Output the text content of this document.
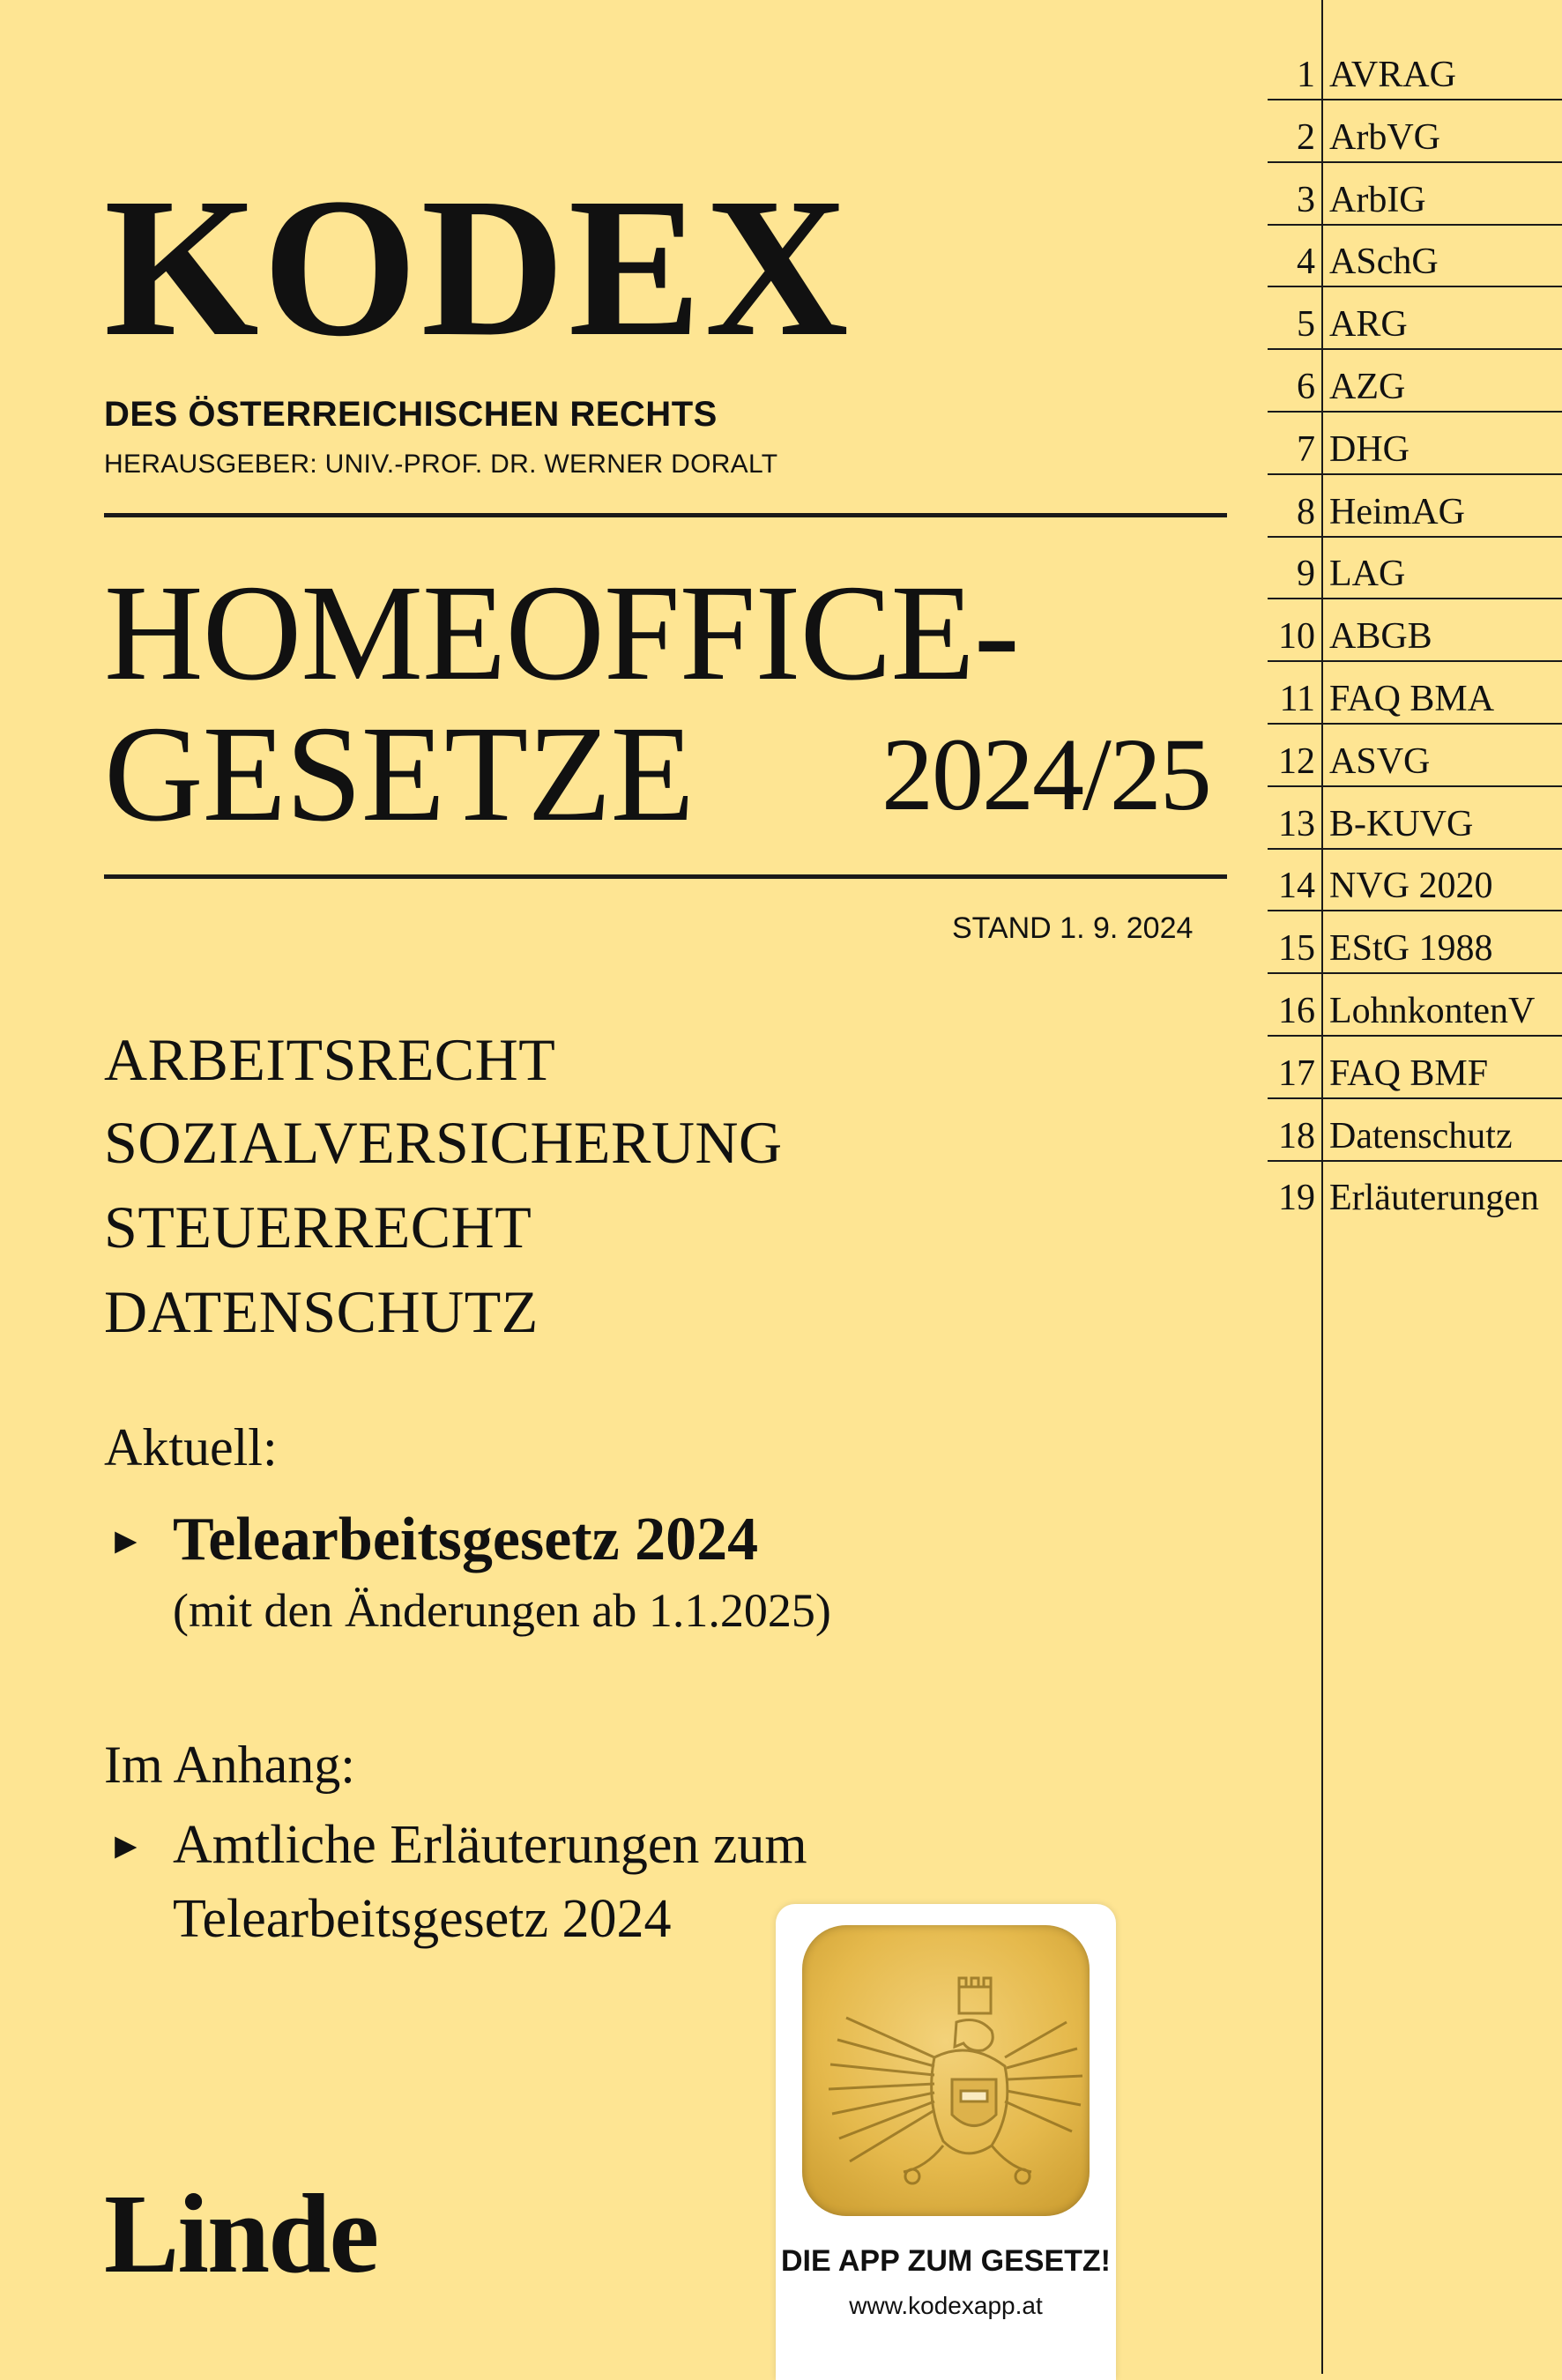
KODEX
DES ÖSTERREICHISCHEN RECHTS
HERAUSGEBER: UNIV.-PROF. DR. WERNER DORALT
HOMEOFFICE-
GESETZE 2024/25
STAND 1. 9. 2024
ARBEITSRECHT
SOZIALVERSICHERUNG
STEUERRECHT
DATENSCHUTZ
Aktuell:
► Telearbeitsgesetz 2024
(mit den Änderungen ab 1.1.2025)
Im Anhang:
► Amtliche Erläuterungen zum
Telearbeitsgesetz 2024
Linde
1 AVRAG
2 ArbVG
3 ArbIG
4 ASchG
5 ARG
6 AZG
7 DHG
8 HeimAG
9 LAG
10 ABGB
11 FAQ BMA
12 ASVG
13 B-KUVG
14 NVG 2020
15 EStG 1988
16 LohnkontenV
17 FAQ BMF
18 Datenschutz
19 Erläuterungen
DIE APP ZUM GESETZ!
www.kodexapp.at
